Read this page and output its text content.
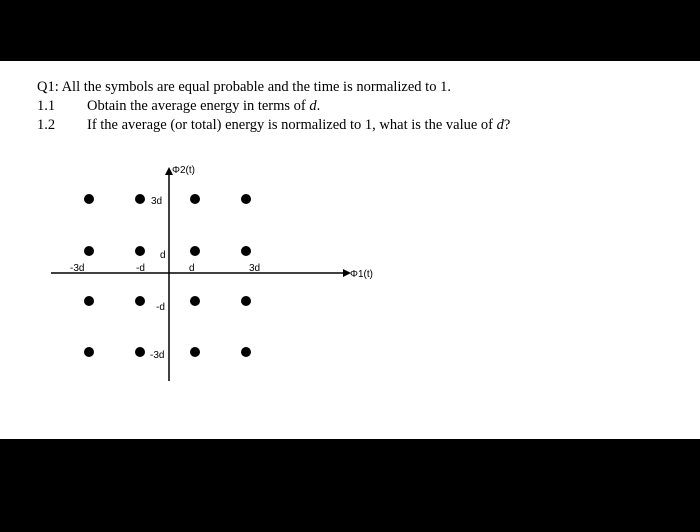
Q1: All the symbols are equal probable and the time is normalized to 1.
1.1 Obtain the average energy in terms of d.
1.2 If the average (or total) energy is normalized to 1, what is the value of d?
Φ2(t)
Φ1(t)
-3d	-d	d	3d
3d
d
-d
-3d
